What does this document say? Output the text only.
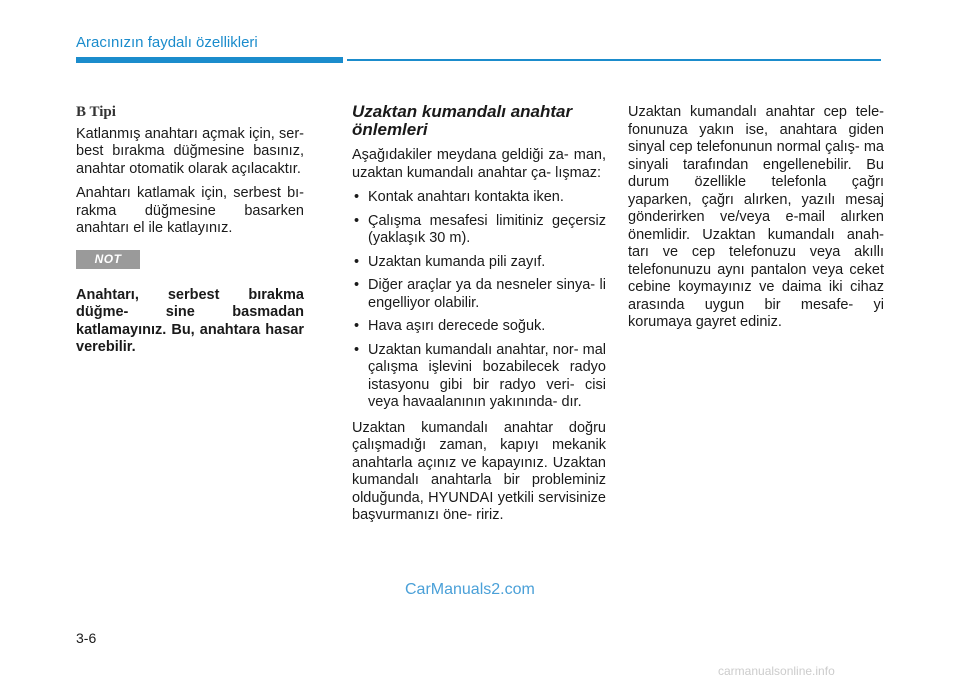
Aracınızın faydalı özellikleri
B Tipi

Katlanmış anahtarı açmak için, ser- best bırakma düğmesine basınız, anahtar otomatik olarak açılacaktır.

Anahtarı katlamak için, serbest bı- rakma düğmesine basarken anahtarı el ile katlayınız.

NOT

Anahtarı, serbest bırakma düğme- sine basmadan katlamayınız. Bu, anahtara hasar verebilir.

Uzaktan kumandalı anahtar önlemleri

Aşağıdakiler meydana geldiği za- man, uzaktan kumandalı anahtar ça- lışmaz:

• Kontak anahtarı kontakta iken.
• Çalışma mesafesi limitiniz geçersiz (yaklaşık 30 m).
• Uzaktan kumanda pili zayıf.
• Diğer araçlar ya da nesneler sinya- li engelliyor olabilir.
• Hava aşırı derecede soğuk.
• Uzaktan kumandalı anahtar, nor- mal çalışma işlevini bozabilecek radyo istasyonu gibi bir radyo veri- cisi veya havaalanının yakınında- dır.

Uzaktan kumandalı anahtar doğru çalışmadığı zaman, kapıyı mekanik anahtarla açınız ve kapayınız. Uzaktan kumandalı anahtarla bir probleminiz olduğunda, HYUNDAI yetkili servisinize başvurmanızı öne- ririz.

Uzaktan kumandalı anahtar cep tele- fonunuza yakın ise, anahtara giden sinyal cep telefonunun normal çalış- ma sinyali tarafından engellenebilir. Bu durum özellikle telefonla çağrı yaparken, çağrı alırken, yazılı mesaj gönderirken ve/veya e-mail alırken önemlidir. Uzaktan kumandalı anah- tarı ve cep telefonuzu veya akıllı telefonunuzu aynı pantalon veya ceket cebine koymayınız ve daima iki cihaz arasında uygun bir mesafe- yi korumaya gayret ediniz.

CarManuals2.com
3-6
carmanualsonline.info
